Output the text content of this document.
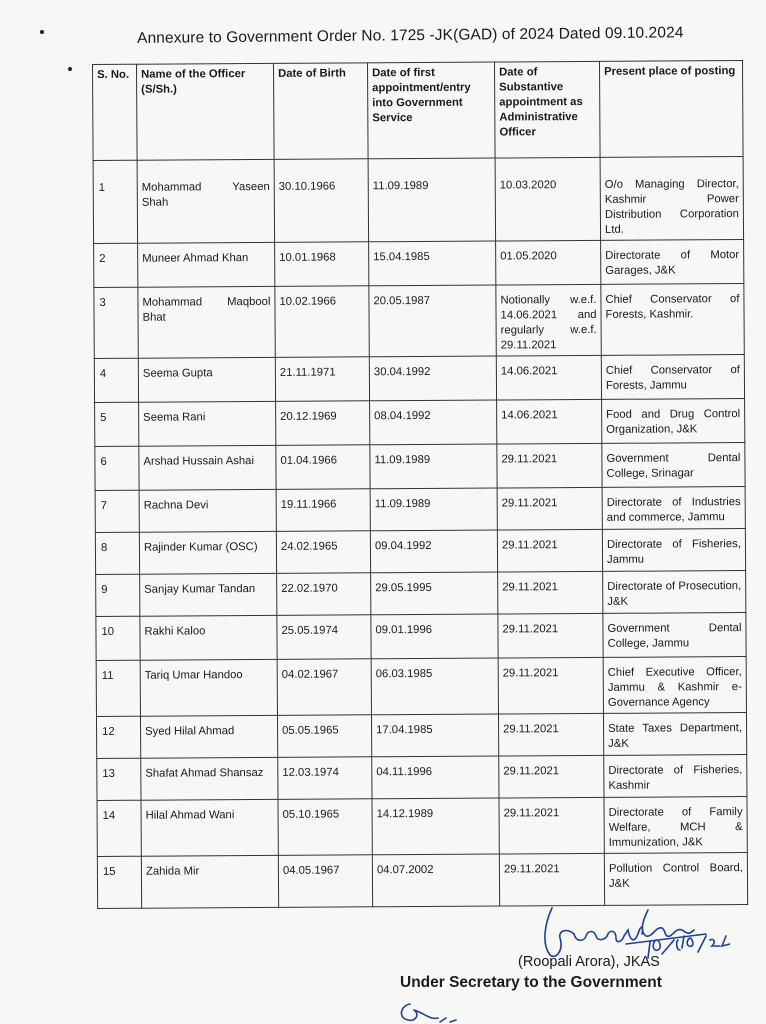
Annexure to Government Order No. 1725 -JK(GAD) of 2024 Dated 09.10.2024
S. No.	Name of the Officer (S/Sh.)	Date of Birth	Date of first appointment/entry into Government Service	Date of Substantive appointment as Administrative Officer	Present place of posting
1	Mohammad Yaseen Shah	30.10.1966	11.09.1989	10.03.2020	O/o Managing Director, Kashmir Power Distribution Corporation Ltd.
2	Muneer Ahmad Khan	10.01.1968	15.04.1985	01.05.2020	Directorate of Motor Garages, J&K
3	Mohammad Maqbool Bhat	10.02.1966	20.05.1987	Notionally w.e.f. 14.06.2021 and regularly w.e.f. 29.11.2021	Chief Conservator of Forests, Kashmir.
4	Seema Gupta	21.11.1971	30.04.1992	14.06.2021	Chief Conservator of Forests, Jammu
5	Seema Rani	20.12.1969	08.04.1992	14.06.2021	Food and Drug Control Organization, J&K
6	Arshad Hussain Ashai	01.04.1966	11.09.1989	29.11.2021	Government Dental College, Srinagar
7	Rachna Devi	19.11.1966	11.09.1989	29.11.2021	Directorate of Industries and commerce, Jammu
8	Rajinder Kumar (OSC)	24.02.1965	09.04.1992	29.11.2021	Directorate of Fisheries, Jammu
9	Sanjay Kumar Tandan	22.02.1970	29.05.1995	29.11.2021	Directorate of Prosecution, J&K
10	Rakhi Kaloo	25.05.1974	09.01.1996	29.11.2021	Government Dental College, Jammu
11	Tariq Umar Handoo	04.02.1967	06.03.1985	29.11.2021	Chief Executive Officer, Jammu & Kashmir e-Governance Agency
12	Syed Hilal Ahmad	05.05.1965	17.04.1985	29.11.2021	State Taxes Department, J&K
13	Shafat Ahmad Shansaz	12.03.1974	04.11.1996	29.11.2021	Directorate of Fisheries, Kashmir
14	Hilal Ahmad Wani	05.10.1965	14.12.1989	29.11.2021	Directorate of Family Welfare, MCH & Immunization, J&K
15	Zahida Mir	04.05.1967	04.07.2002	29.11.2021	Pollution Control Board, J&K
(Roopali Arora), JKAS
Under Secretary to the Government
